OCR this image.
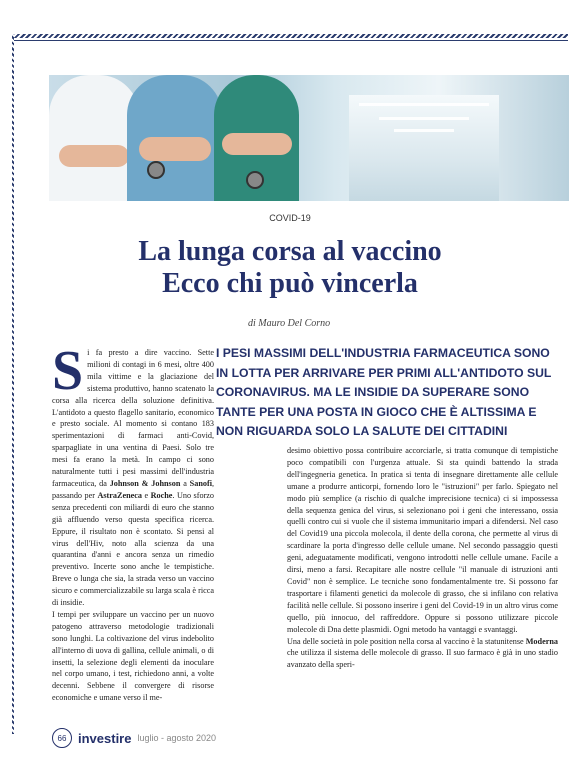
COVID-19
La lunga corsa al vaccino
Ecco chi può vincerla
di Mauro Del Corno
I PESI MASSIMI DELL'INDUSTRIA FARMACEUTICA SONO IN LOTTA PER ARRIVARE PER PRIMI ALL'ANTIDOTO SUL CORONAVIRUS. MA LE INSIDIE DA SUPERARE SONO TANTE PER UNA POSTA IN GIOCO CHE È ALTISSIMA E NON RIGUARDA SOLO LA SALUTE DEI CITTADINI

Si fa presto a dire vaccino. Sette milioni di contagi in 6 mesi, oltre 400 mila vittime e la glaciazione del sistema produttivo, hanno scatenato la corsa alla ricerca della soluzione definitiva. L'antidoto a questo flagello sanitario, economico e presto sociale. Al momento si contano 183 sperimentazioni di farmaci anti-Covid, sparpagliate in una ventina di Paesi. Solo tre mesi fa erano la metà. In campo ci sono naturalmente tutti i pesi massimi dell'industria farmaceutica, da Johnson & Johnson a Sanofi, passando per AstraZeneca e Roche. Uno sforzo senza precedenti con miliardi di euro che stanno già affluendo verso questa specifica ricerca. Eppure, il risultato non è scontato. Si pensi al virus dell'Hiv, noto alla scienza da una quarantina d'anni e ancora senza un rimedio preventivo. Incerte sono anche le tempistiche. Breve o lunga che sia, la strada verso un vaccino sicuro e commercializzabile su larga scala è ricca di insidie.

I tempi per sviluppare un vaccino per un nuovo patogeno attraverso metodologie tradizionali sono lunghi. La coltivazione del virus indebolito all'interno di uova di gallina, cellule animali, o di insetti, la selezione degli elementi da inoculare nel corpo umano, i test, richiedono anni, a volte decenni. Sebbene il convergere di risorse economiche e umane verso il me-

desimo obiettivo possa contribuire accorciarle, si tratta comunque di tempistiche poco compatibili con l'urgenza attuale. Si sta quindi battendo la strada dell'ingegneria genetica. In pratica si tenta di insegnare direttamente alle cellule umane a produrre anticorpi, fornendo loro le "istruzioni" per farlo. Spiegato nel modo più semplice (a rischio di qualche imprecisione tecnica) ci si impossessa della sequenza genica del virus, si selezionano poi i geni che interessano, ossia quelli contro cui si vuole che il sistema immunitario impari a difendersi. Nel caso del Covid19 una piccola molecola, il dente della corona, che permette al virus di scardinare la porta d'ingresso delle cellule umane. Nel secondo passaggio questi geni, adeguatamente modificati, vengono introdotti nelle cellule umane. Facile a dirsi, meno a farsi. Recapitare alle nostre cellule "il manuale di istruzioni anti Covid" non è semplice. Le tecniche sono fondamentalmente tre. Si possono far trasportare i filamenti genetici da molecole di grasso, che si infilano con relativa facilità nelle cellule. Si possono inserire i geni del Covid-19 in un altro virus come quello, più innocuo, del raffreddore. Oppure si possono utilizzare piccole molecole di Dna dette plasmidi. Ogni metodo ha vantaggi e svantaggi.

Una delle società in pole position nella corsa al vaccino è la statunitense Moderna che utilizza il sistema delle molecole di grasso. Il suo farmaco è già in uno stadio avanzato della speri-

66 investire luglio - agosto 2020
